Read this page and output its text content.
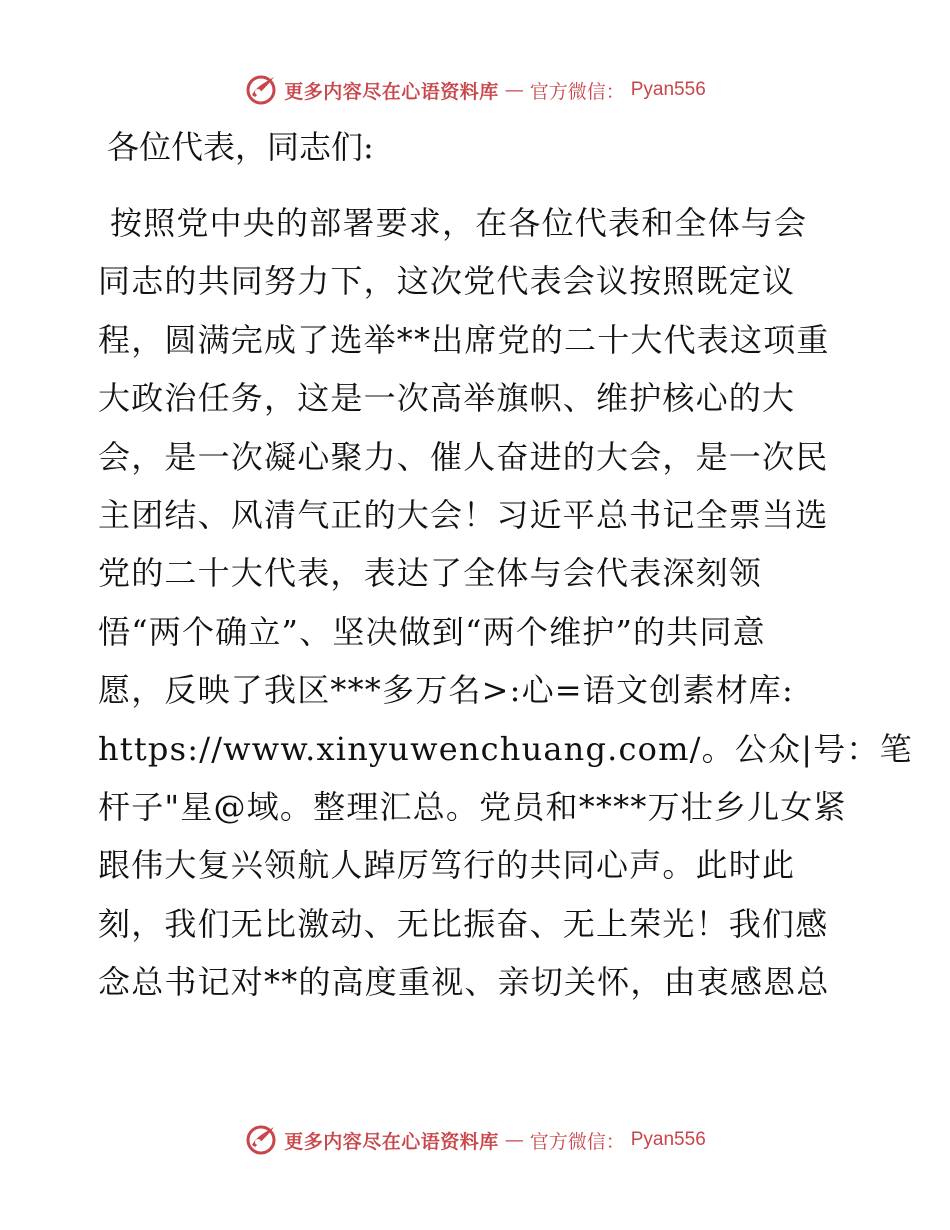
更多内容尽在心语资料库 — 官方微信： Pyan556
各位代表，同志们:
按照党中央的部署要求，在各位代表和全体与会
同志的共同努力下，这次党代表会议按照既定议
程，圆满完成了选举**出席党的二十大代表这项重
大政治任务，这是一次高举旗帜、维护核心的大
会，是一次凝心聚力、催人奋进的大会，是一次民
主团结、风清气正的大会！习近平总书记全票当选
党的二十大代表，表达了全体与会代表深刻领
悟“两个确立”、坚决做到“两个维护”的共同意
愿，反映了我区***多万名>:心=语文创素材库:
https://www.xinyuwenchuang.com/。公众|号：笔
杆子"星@域。整理汇总。党员和****万壮乡儿女紧
跟伟大复兴领航人踔厉笃行的共同心声。此时此
刻，我们无比激动、无比振奋、无上荣光！我们感
念总书记对**的高度重视、亲切关怀，由衷感恩总
更多内容尽在心语资料库 — 官方微信： Pyan556
